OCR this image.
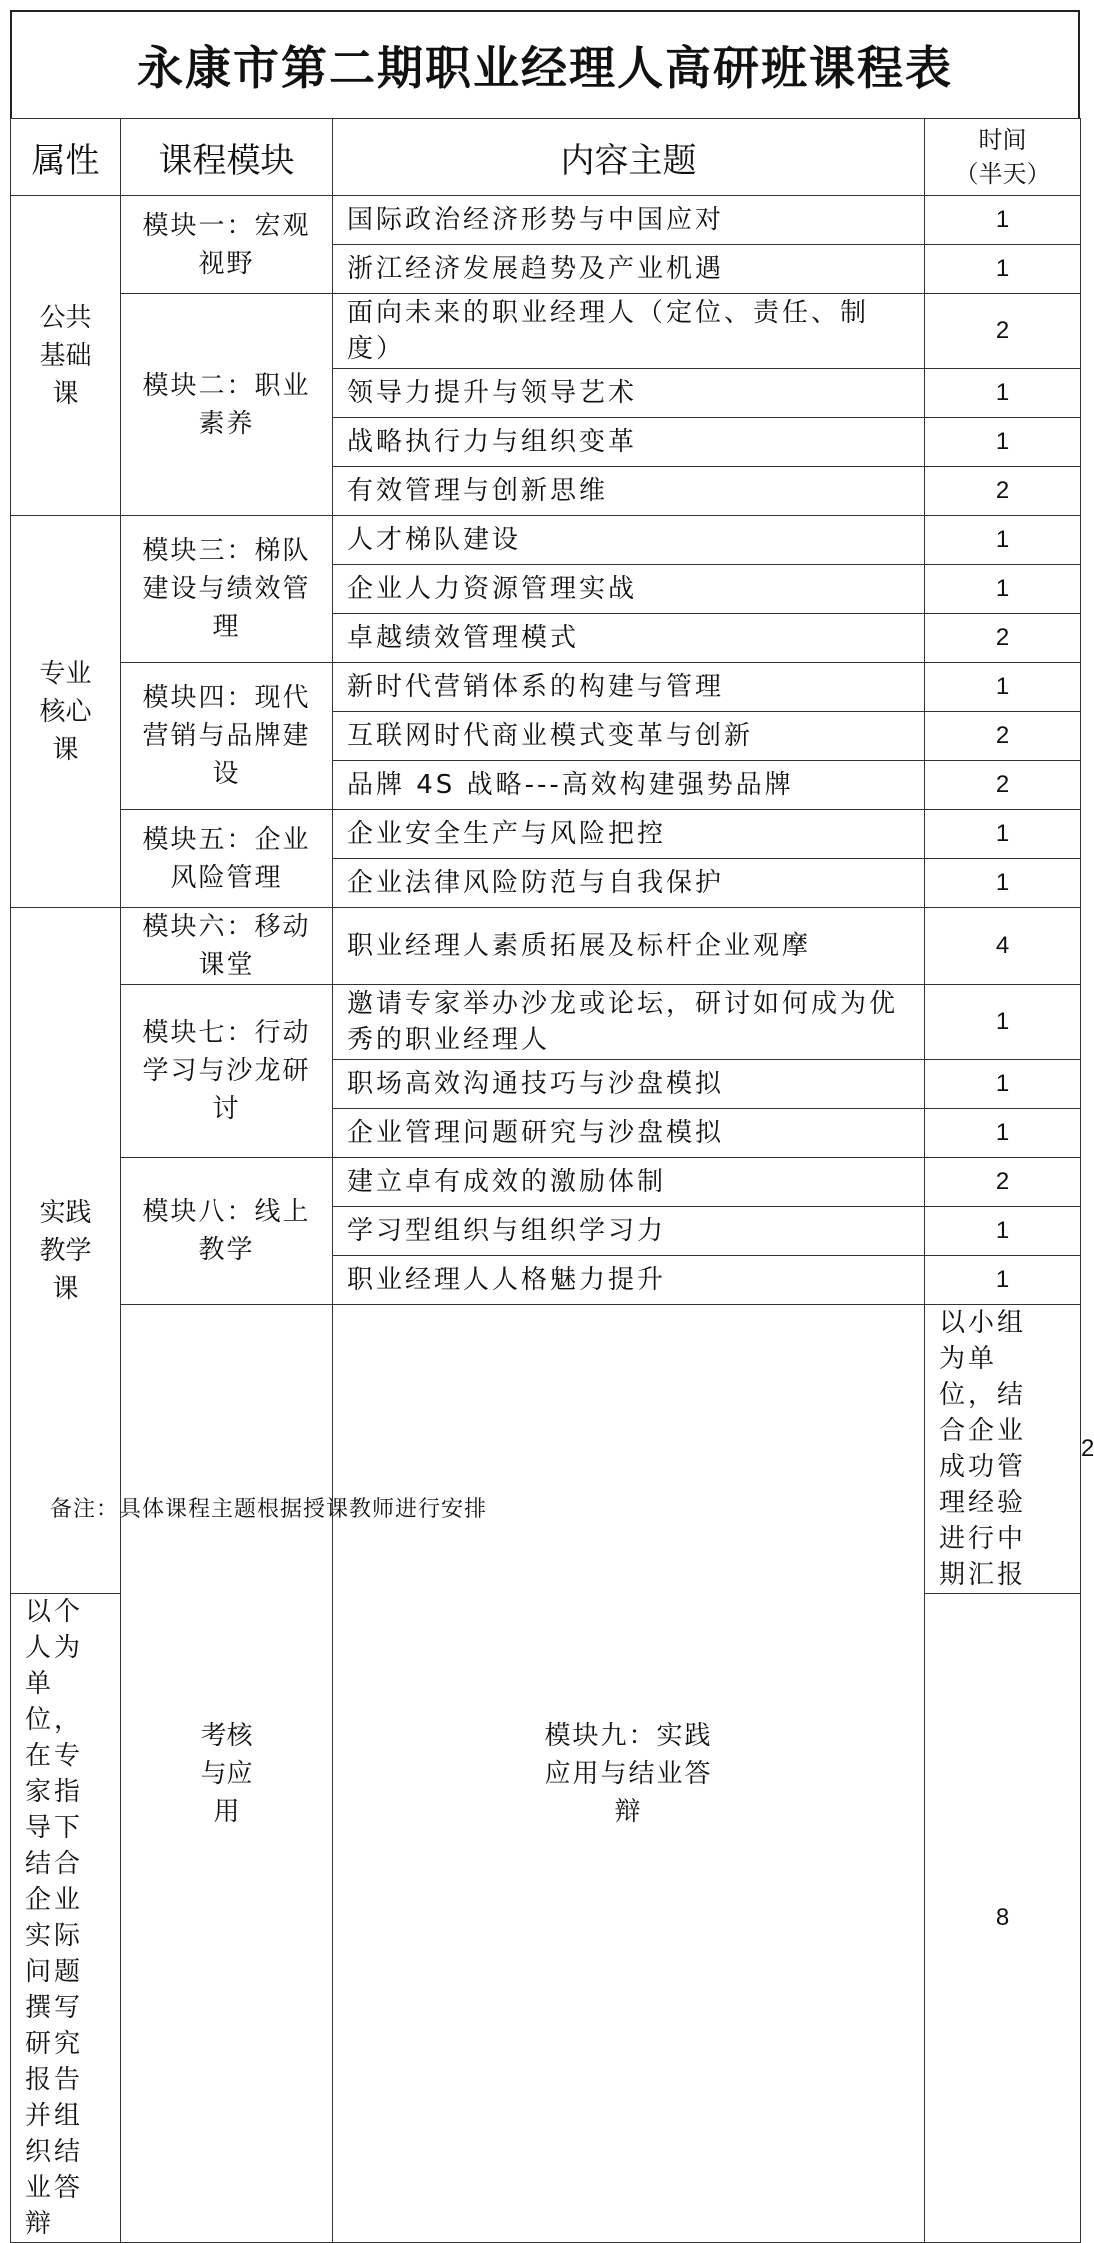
永康市第二期职业经理人高研班课程表
属性	课程模块	内容主题	时间
（半天）	

公共
基础
课	模块一：宏观
视野	国际政治经济形势与中国应对	1	
		浙江经济发展趋势及产业机遇	1	

	模块二：职业
素养	面向未来的职业经理人（定位、责任、制度）	2	
		领导力提升与领导艺术	1	
		战略执行力与组织变革	1	
		有效管理与创新思维	2	

专业
核心
课	模块三：梯队
建设与绩效管
理	人才梯队建设	1	
		企业人力资源管理实战	1	
		卓越绩效管理模式	2	

	模块四：现代
营销与品牌建
设	新时代营销体系的构建与管理	1	
		互联网时代商业模式变革与创新	2	
		品牌 4S 战略---高效构建强势品牌	2	

	模块五：企业
风险管理	企业安全生产与风险把控	1	
		企业法律风险防范与自我保护	1	

实践
教学
课	模块六：移动
课堂	职业经理人素质拓展及标杆企业观摩	4	

	模块七：行动
学习与沙龙研
讨	邀请专家举办沙龙或论坛，研讨如何成为优秀的职业经理人	1	
		职场高效沟通技巧与沙盘模拟	1	
		企业管理问题研究与沙盘模拟	1	

	模块八：线上
教学	建立卓有成效的激励体制	2	
		学习型组织与组织学习力	1	
		职业经理人人格魅力提升	1	

	考核
与应
用	模块九：实践
应用与结业答
辩	以小组为单位，结合企业成功管理经验进行中期汇报	2
以个人为单位，在专家指导下结合企业实际问题撰写研究报告并组织结业答辩			8	
备注：具体课程主题根据授课教师进行安排
